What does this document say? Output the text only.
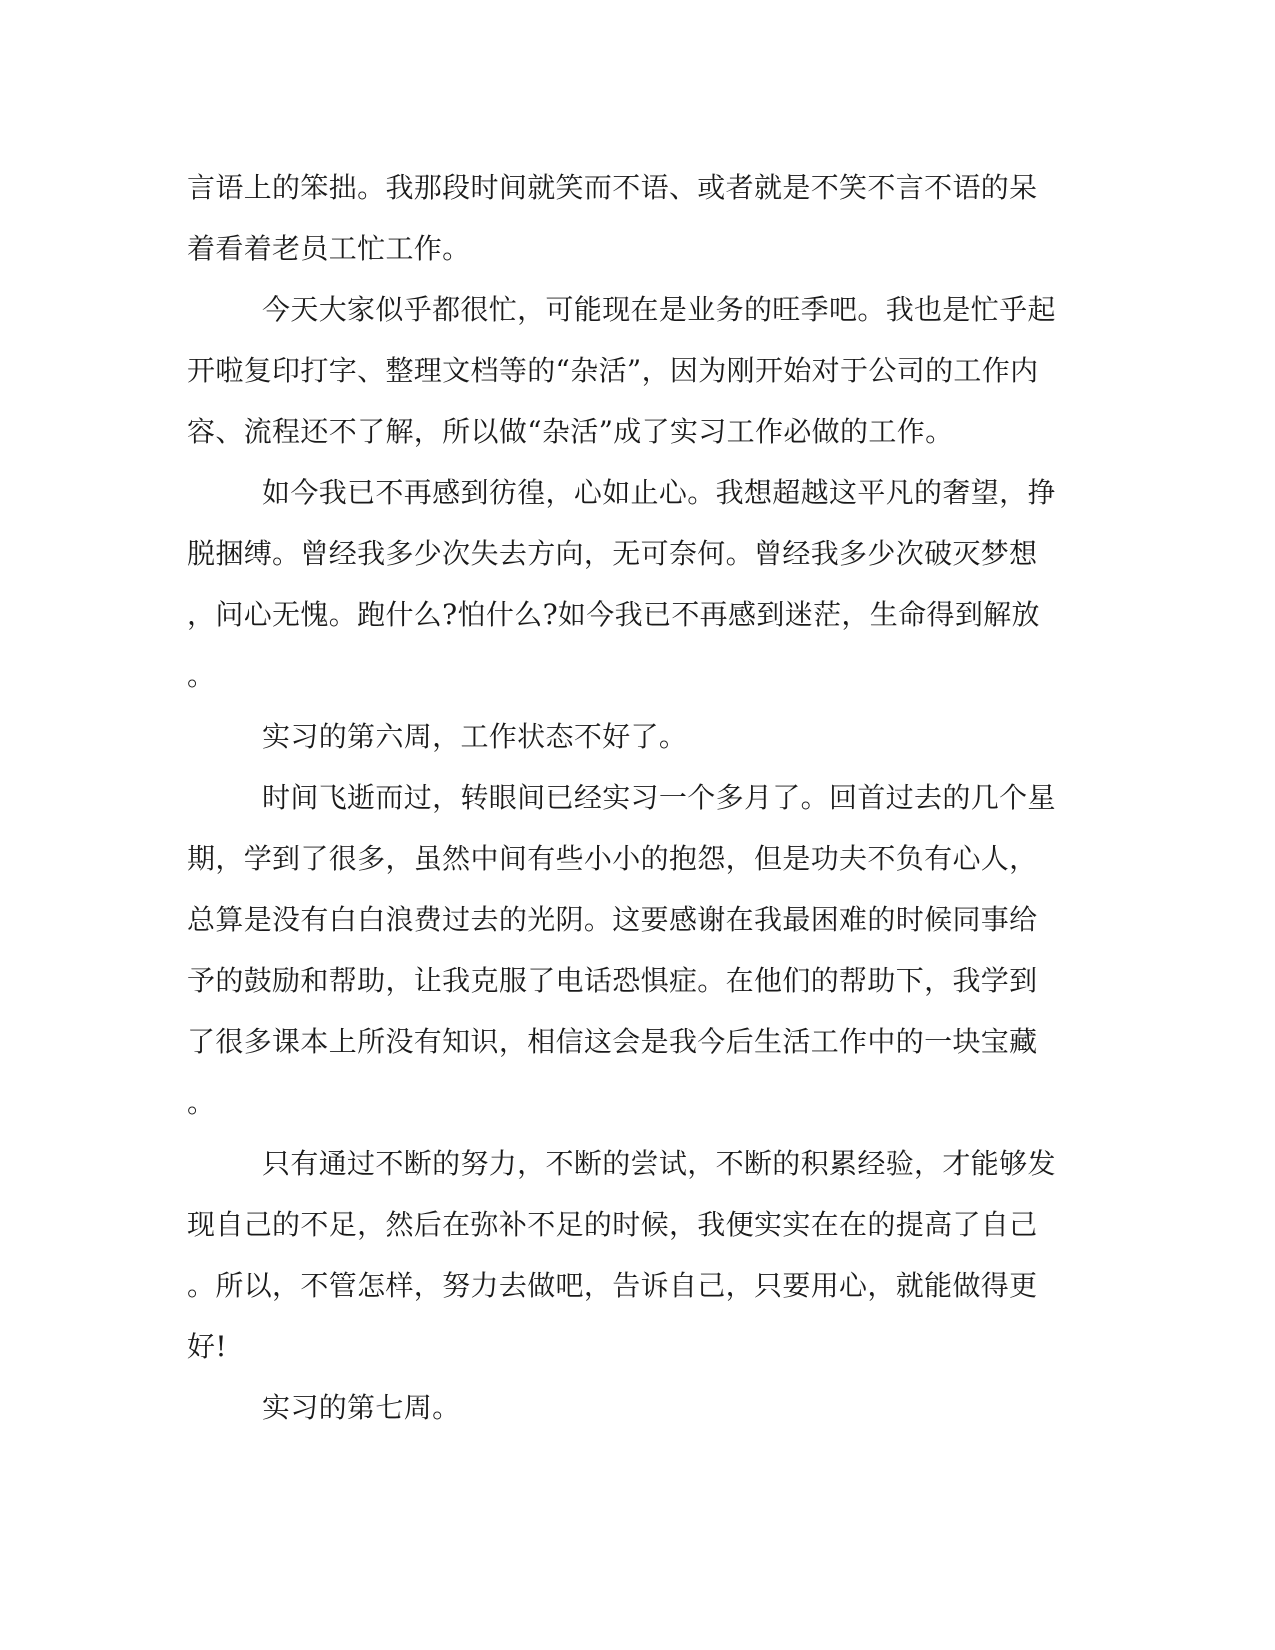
言语上的笨拙。我那段时间就笑而不语、或者就是不笑不言不语的呆
着看着老员工忙工作。
今天大家似乎都很忙，可能现在是业务的旺季吧。我也是忙乎起
开啦复印打字、整理文档等的“杂活”，因为刚开始对于公司的工作内
容、流程还不了解，所以做“杂活”成了实习工作必做的工作。
如今我已不再感到彷徨，心如止心。我想超越这平凡的奢望，挣
脱捆缚。曾经我多少次失去方向，无可奈何。曾经我多少次破灭梦想
，问心无愧。跑什么?怕什么?如今我已不再感到迷茫，生命得到解放
。
实习的第六周，工作状态不好了。
时间飞逝而过，转眼间已经实习一个多月了。回首过去的几个星
期，学到了很多，虽然中间有些小小的抱怨，但是功夫不负有心人，
总算是没有白白浪费过去的光阴。这要感谢在我最困难的时候同事给
予的鼓励和帮助，让我克服了电话恐惧症。在他们的帮助下，我学到
了很多课本上所没有知识，相信这会是我今后生活工作中的一块宝藏
。
只有通过不断的努力，不断的尝试，不断的积累经验，才能够发
现自己的不足，然后在弥补不足的时候，我便实实在在的提高了自己
。所以，不管怎样，努力去做吧，告诉自己，只要用心，就能做得更
好!
实习的第七周。
